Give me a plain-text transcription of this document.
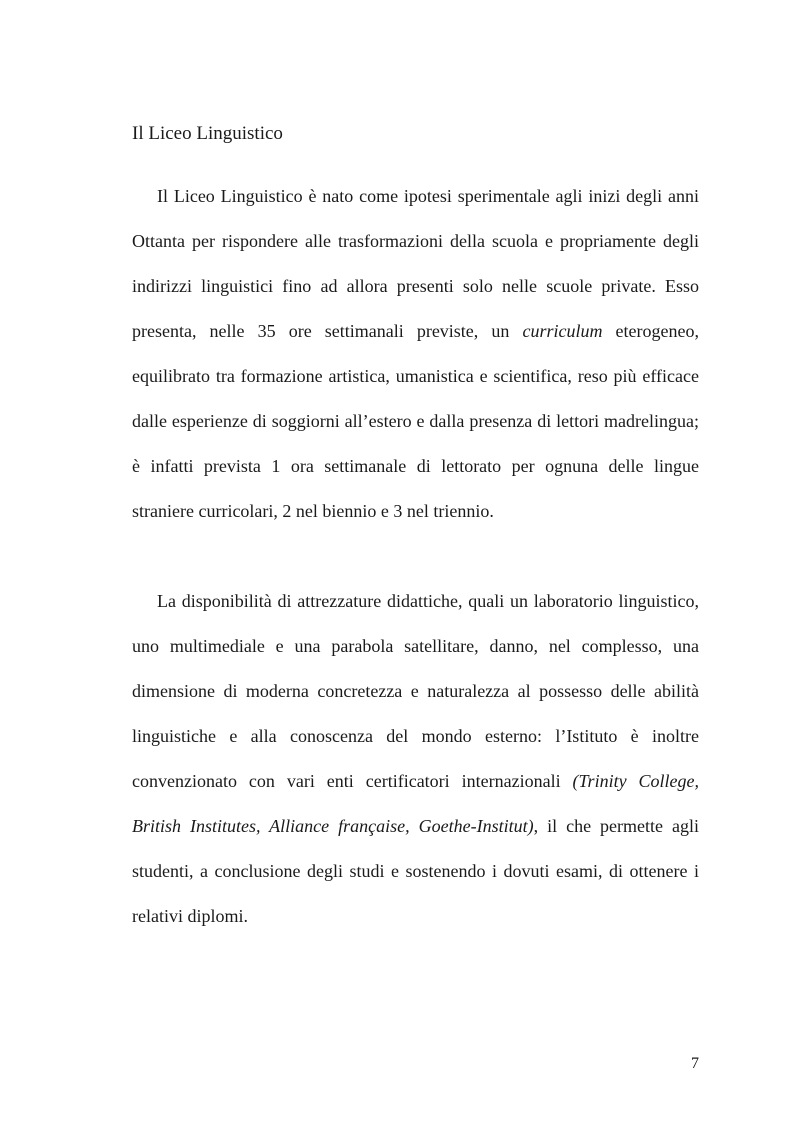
Il Liceo Linguistico

Il Liceo Linguistico è nato come ipotesi sperimentale agli inizi degli anni Ottanta per rispondere alle trasformazioni della scuola e propriamente degli indirizzi linguistici fino ad allora presenti solo nelle scuole private. Esso presenta, nelle 35 ore settimanali previste, un curriculum eterogeneo, equilibrato tra formazione artistica, umanistica e scientifica, reso più efficace dalle esperienze di soggiorni all’estero e dalla presenza di lettori madrelingua; è infatti prevista 1 ora settimanale di lettorato per ognuna delle lingue straniere curricolari, 2 nel biennio e 3 nel triennio.

La disponibilità di attrezzature didattiche, quali un laboratorio linguistico, uno multimediale e una parabola satellitare, danno, nel complesso, una dimensione di moderna concretezza e naturalezza al possesso delle abilità linguistiche e alla conoscenza del mondo esterno: l’Istituto è inoltre convenzionato con vari enti certificatori internazionali (Trinity College, British Institutes, Alliance française, Goethe-Institut), il che permette agli studenti, a conclusione degli studi e sostenendo i dovuti esami, di ottenere i relativi diplomi.

7
